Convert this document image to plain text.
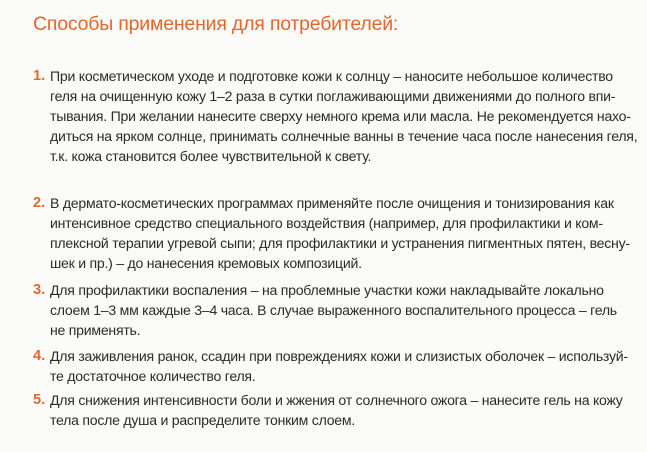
Способы применения для потребителей:
1. При косметическом уходе и подготовке кожи к солнцу – наносите небольшое количество
геля на очищенную кожу 1–2 раза в сутки поглаживающими движениями до полного впи-
тывания. При желании нанесите сверху немного крема или масла. Не рекомендуется нахо-
диться на ярком солнце, принимать солнечные ванны в течение часа после нанесения геля,
т.к. кожа становится более чувствительной к свету.
2. В дермато-косметических программах применяйте после очищения и тонизирования как
интенсивное средство специального воздействия (например, для профилактики и ком-
плексной терапии угревой сыпи; для профилактики и устранения пигментных пятен, весну-
шек и пр.) – до нанесения кремовых композиций.
3. Для профилактики воспаления – на проблемные участки кожи накладывайте локально
слоем 1–3 мм каждые 3–4 часа. В случае выраженного воспалительного процесса – гель
не применять.
4. Для заживления ранок, ссадин при повреждениях кожи и слизистых оболочек – используй-
те достаточное количество геля.
5. Для снижения интенсивности боли и жжения от солнечного ожога – нанесите гель на кожу
тела после душа и распределите тонким слоем.
